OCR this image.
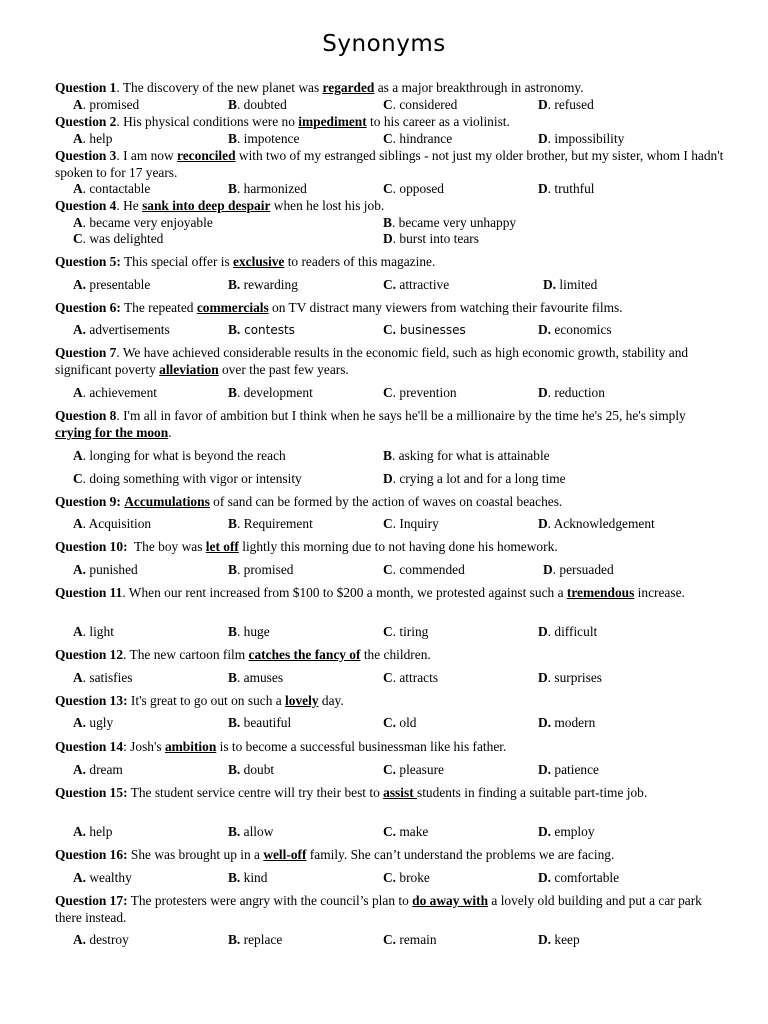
Synonyms
Question 1. The discovery of the new planet was regarded as a major breakthrough in astronomy.
A. promised	B. doubted	C. considered	D. refused
Question 2. His physical conditions were no impediment to his career as a violinist.
A. help	B. impotence	C. hindrance	D. impossibility
Question 3. I am now reconciled with two of my estranged siblings - not just my older brother, but my sister, whom I hadn't spoken to for 17 years.
A. contactable	B. harmonized	C. opposed	D. truthful
Question 4. He sank into deep despair when he lost his job.
A. became very enjoyable	B. became very unhappy
C. was delighted	D. burst into tears
Question 5: This special offer is exclusive to readers of this magazine.
A. presentable	B. rewarding	C. attractive	D. limited
Question 6: The repeated commercials on TV distract many viewers from watching their favourite films.
A. advertisements	B. contests	C. businesses	D. economics
Question 7. We have achieved considerable results in the economic field, such as high economic growth, stability and significant poverty alleviation over the past few years.
A. achievement	B. development	C. prevention	D. reduction
Question 8. I'm all in favor of ambition but I think when he says he'll be a millionaire by the time he's 25, he's simply crying for the moon.
A. longing for what is beyond the reach	B. asking for what is attainable
C. doing something with vigor or intensity	D. crying a lot and for a long time
Question 9: Accumulations of sand can be formed by the action of waves on coastal beaches.
A. Acquisition	B. Requirement	C. Inquiry	D. Acknowledgement
Question 10:  The boy was let off lightly this morning due to not having done his homework.
A. punished	B. promised	C. commended	D. persuaded
Question 11. When our rent increased from $100 to $200 a month, we protested against such a tremendous increase.
A. light	B. huge	C. tiring	D. difficult
Question 12. The new cartoon film catches the fancy of the children.
A. satisfies	B. amuses	C. attracts	D. surprises
Question 13: It's great to go out on such a lovely day.
A. ugly	B. beautiful	C. old	D. modern
Question 14: Josh's ambition is to become a successful businessman like his father.
A. dream	B. doubt	C. pleasure	D. patience
Question 15: The student service centre will try their best to assist students in finding a suitable part-time job.
A. help	B. allow	C. make	D. employ
Question 16: She was brought up in a well-off family. She can’t understand the problems we are facing.
A. wealthy	B. kind	C. broke	D. comfortable
Question 17: The protesters were angry with the council’s plan to do away with a lovely old building and put a car park there instead.
A. destroy	B. replace	C. remain	D. keep
